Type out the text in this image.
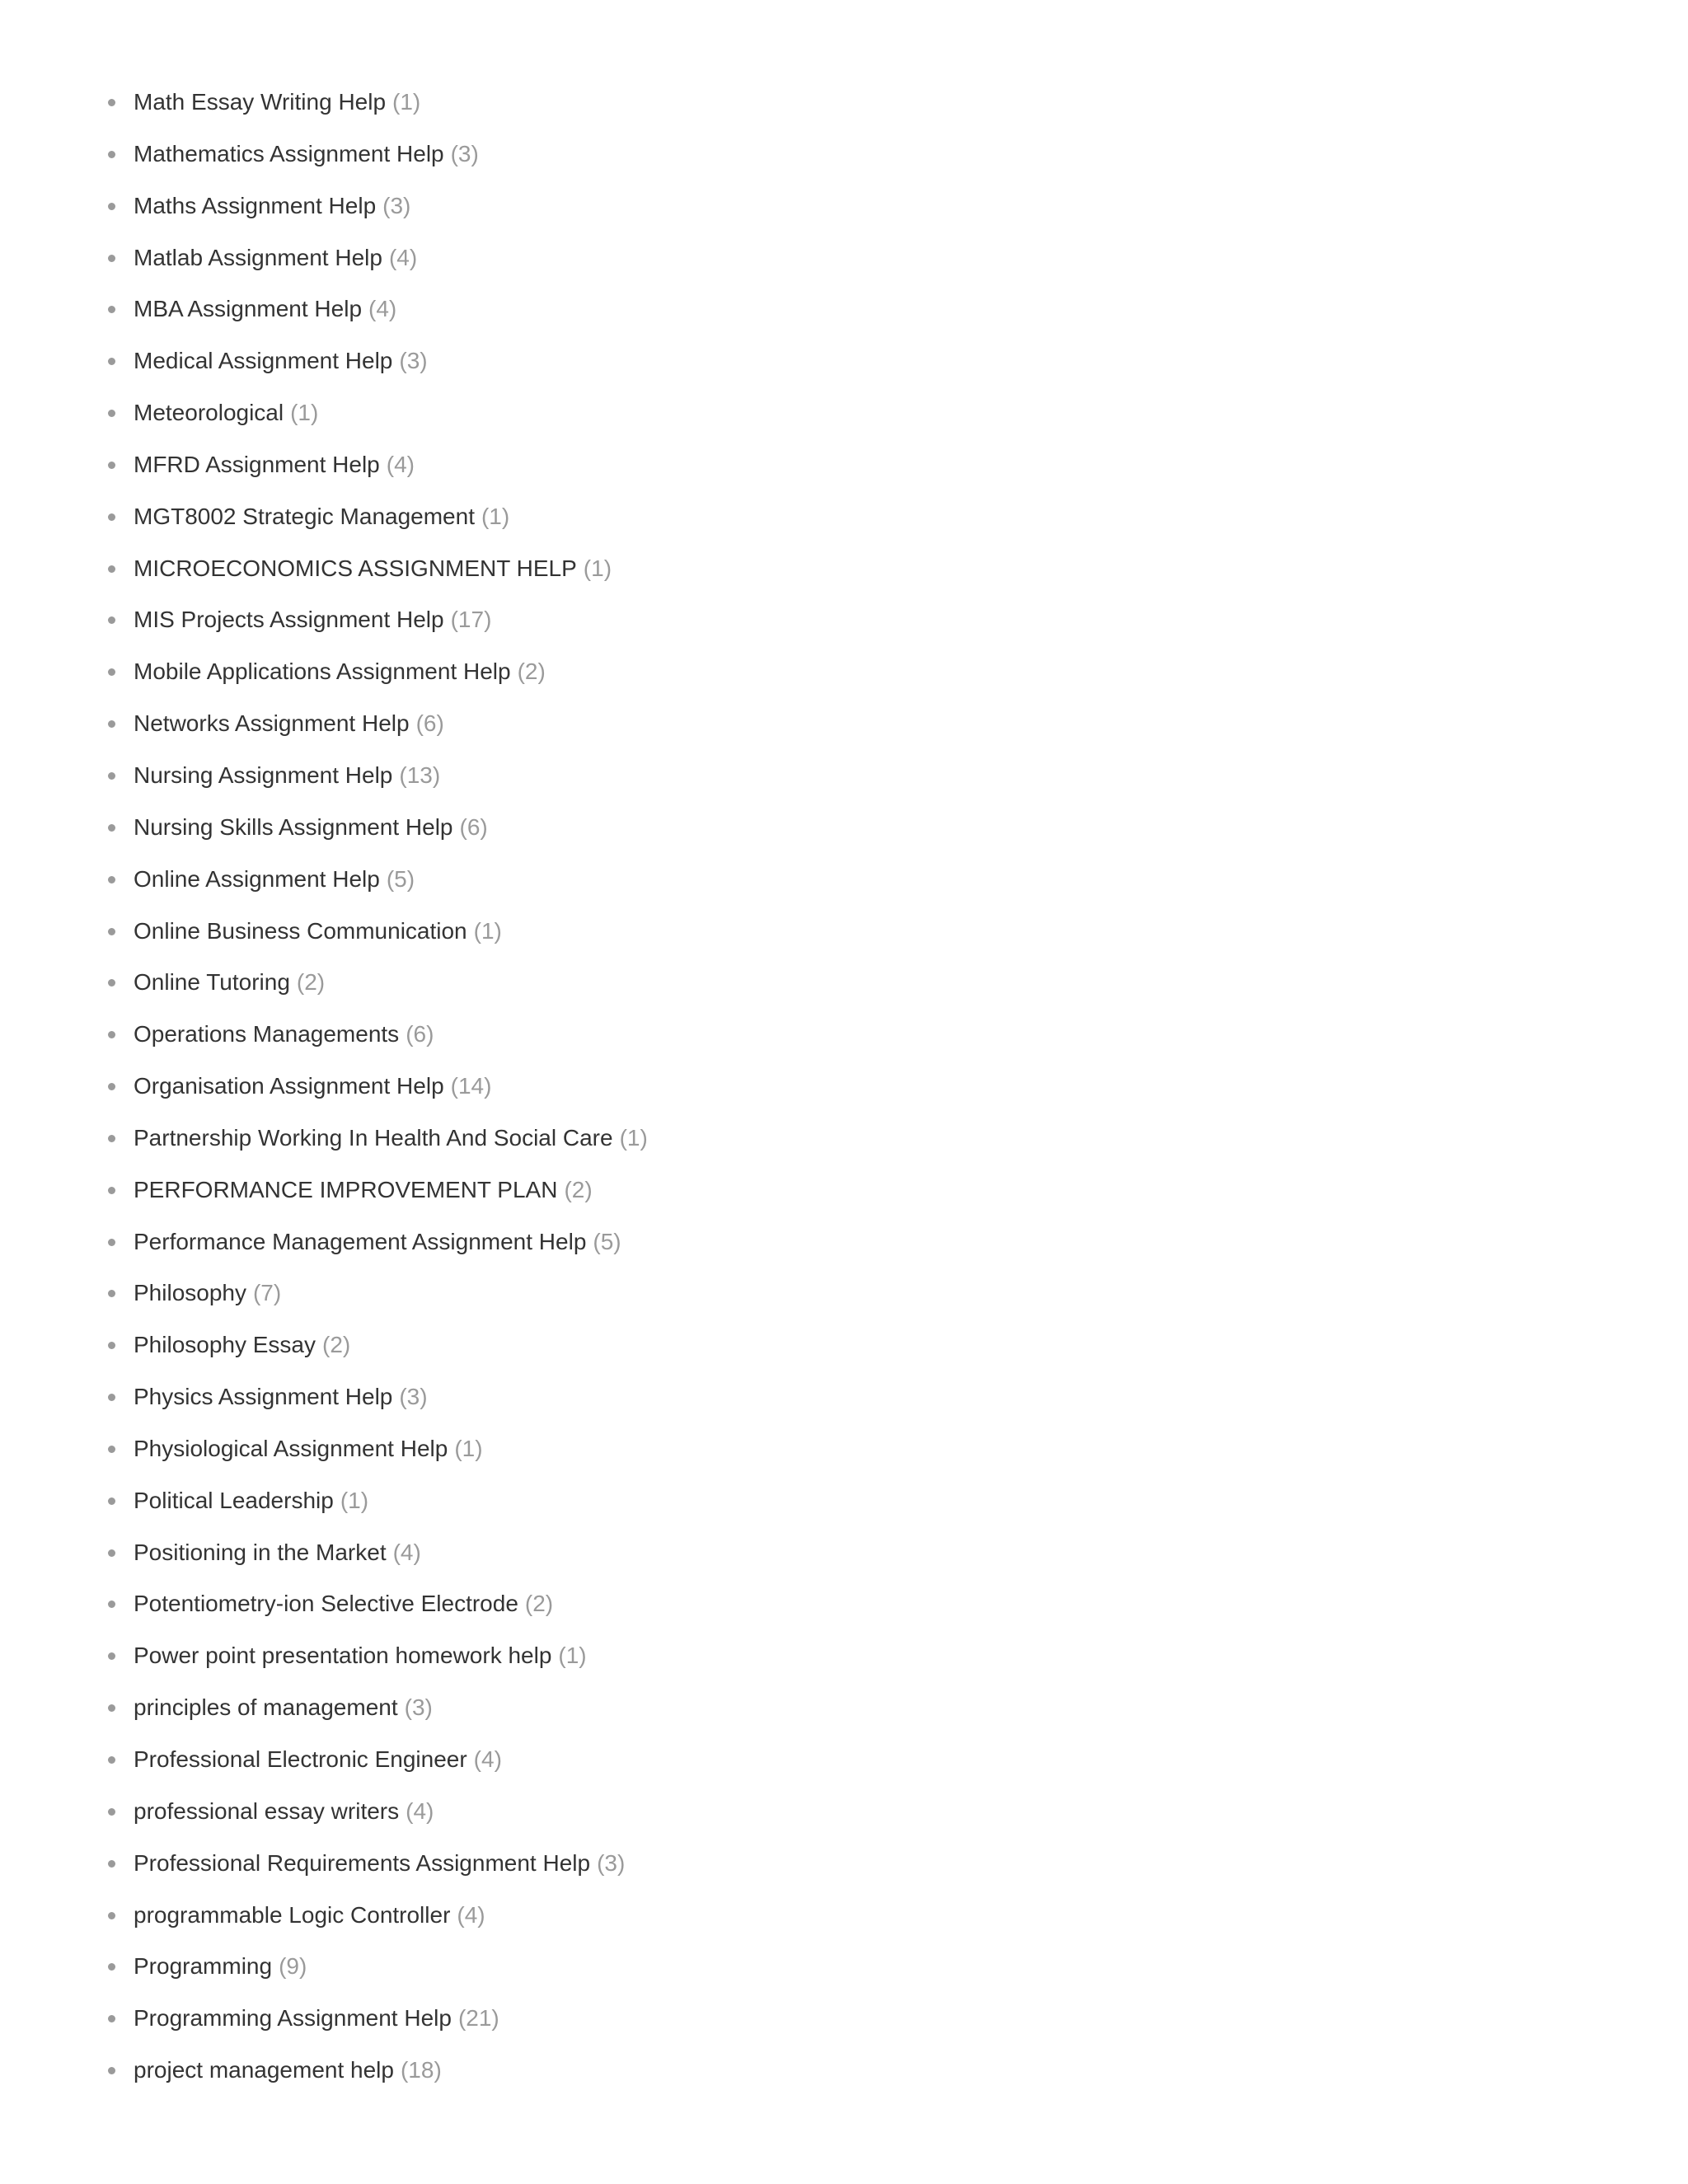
Math Essay Writing Help (1)
Mathematics Assignment Help (3)
Maths Assignment Help (3)
Matlab Assignment Help (4)
MBA Assignment Help (4)
Medical Assignment Help (3)
Meteorological (1)
MFRD Assignment Help (4)
MGT8002 Strategic Management (1)
MICROECONOMICS ASSIGNMENT HELP (1)
MIS Projects Assignment Help (17)
Mobile Applications Assignment Help (2)
Networks Assignment Help (6)
Nursing Assignment Help (13)
Nursing Skills Assignment Help (6)
Online Assignment Help (5)
Online Business Communication (1)
Online Tutoring (2)
Operations Managements (6)
Organisation Assignment Help (14)
Partnership Working In Health And Social Care (1)
PERFORMANCE IMPROVEMENT PLAN (2)
Performance Management Assignment Help (5)
Philosophy (7)
Philosophy Essay (2)
Physics Assignment Help (3)
Physiological Assignment Help (1)
Political Leadership (1)
Positioning in the Market (4)
Potentiometry-ion Selective Electrode (2)
Power point presentation homework help (1)
principles of management (3)
Professional Electronic Engineer (4)
professional essay writers (4)
Professional Requirements Assignment Help (3)
programmable Logic Controller (4)
Programming (9)
Programming Assignment Help (21)
project management help (18)
